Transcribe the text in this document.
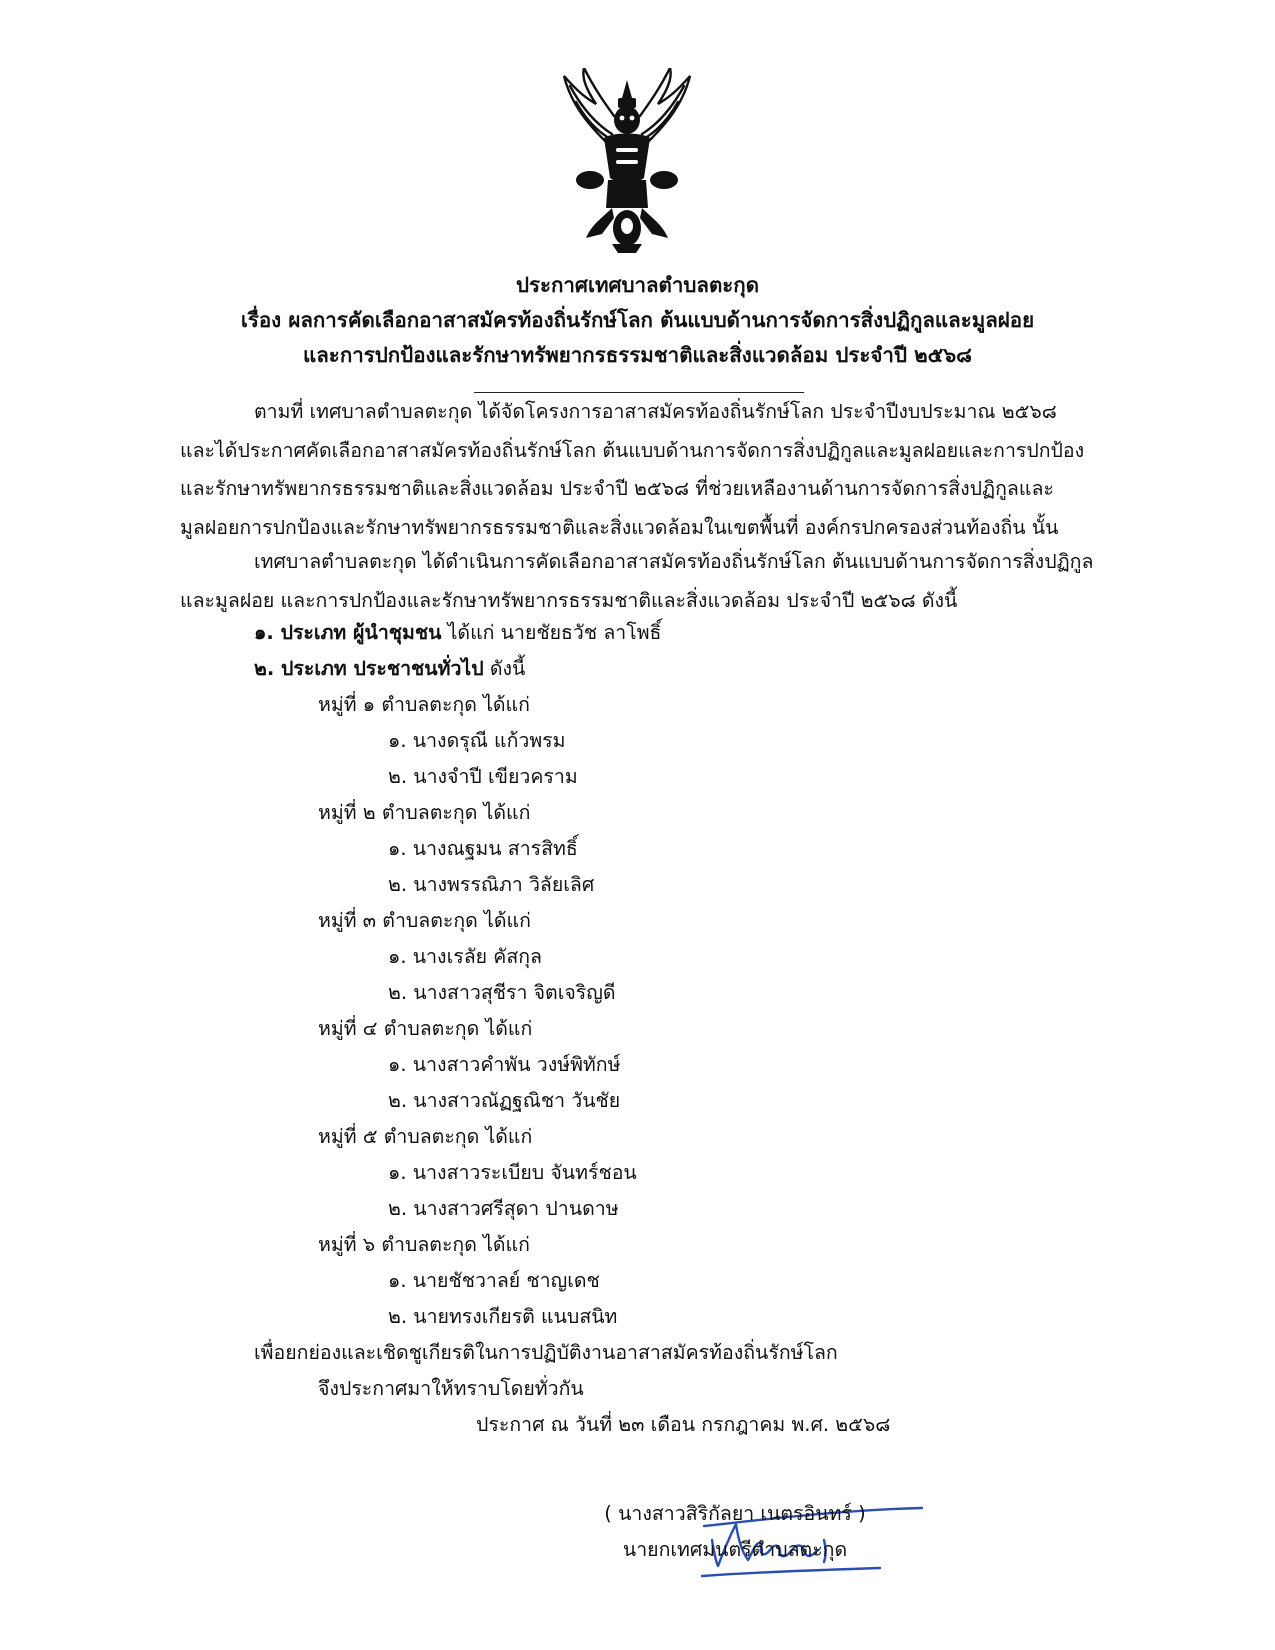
ประกาศเทศบาลตำบลตะกุด
เรื่อง ผลการคัดเลือกอาสาสมัครท้องถิ่นรักษ์โลก ต้นแบบด้านการจัดการสิ่งปฏิกูลและมูลฝอย
และการปกป้องและรักษาทรัพยากรธรรมชาติและสิ่งแวดล้อม ประจำปี ๒๕๖๘
ตามที่ เทศบาลตำบลตะกุด ได้จัดโครงการอาสาสมัครท้องถิ่นรักษ์โลก ประจำปีงบประมาณ ๒๕๖๘
และได้ประกาศคัดเลือกอาสาสมัครท้องถิ่นรักษ์โลก ต้นแบบด้านการจัดการสิ่งปฏิกูลและมูลฝอยและการปกป้อง
และรักษาทรัพยากรธรรมชาติและสิ่งแวดล้อม ประจำปี ๒๕๖๘ ที่ช่วยเหลืองานด้านการจัดการสิ่งปฏิกูลและ
มูลฝอยการปกป้องและรักษาทรัพยากรธรรมชาติและสิ่งแวดล้อมในเขตพื้นที่ องค์กรปกครองส่วนท้องถิ่น นั้น
เทศบาลตำบลตะกุด ได้ดำเนินการคัดเลือกอาสาสมัครท้องถิ่นรักษ์โลก ต้นแบบด้านการจัดการสิ่งปฏิกูล
และมูลฝอย และการปกป้องและรักษาทรัพยากรธรรมชาติและสิ่งแวดล้อม ประจำปี ๒๕๖๘ ดังนี้
๑. ประเภท ผู้นำชุมชน ได้แก่ นายชัยธวัช ลาโพธิ์
๒. ประเภท ประชาชนทั่วไป ดังนี้
หมู่ที่ ๑ ตำบลตะกุด ได้แก่
๑. นางดรุณี แก้วพรม
๒. นางจำปี เขียวคราม
หมู่ที่ ๒ ตำบลตะกุด ได้แก่
๑. นางณฐมน สารสิทธิ์
๒. นางพรรณิภา วิลัยเลิศ
หมู่ที่ ๓ ตำบลตะกุด ได้แก่
๑. นางเรลัย คัสกุล
๒. นางสาวสุชีรา จิตเจริญดี
หมู่ที่ ๔ ตำบลตะกุด ได้แก่
๑. นางสาวคำพัน วงษ์พิทักษ์
๒. นางสาวณัฏฐณิชา วันชัย
หมู่ที่ ๕ ตำบลตะกุด ได้แก่
๑. นางสาวระเบียบ จันทร์ชอน
๒. นางสาวศรีสุดา ปานดาษ
หมู่ที่ ๖ ตำบลตะกุด ได้แก่
๑. นายชัชวาลย์ ชาญเดช
๒. นายทรงเกียรติ แนบสนิท
เพื่อยกย่องและเชิดชูเกียรติในการปฏิบัติงานอาสาสมัครท้องถิ่นรักษ์โลก
จึงประกาศมาให้ทราบโดยทั่วกัน
ประกาศ ณ วันที่ ๒๓ เดือน กรกฎาคม พ.ศ. ๒๕๖๘
( นางสาวสิริกัลยา เนตรอินทร์ )
นายกเทศมนตรีตำบลตะกุด
